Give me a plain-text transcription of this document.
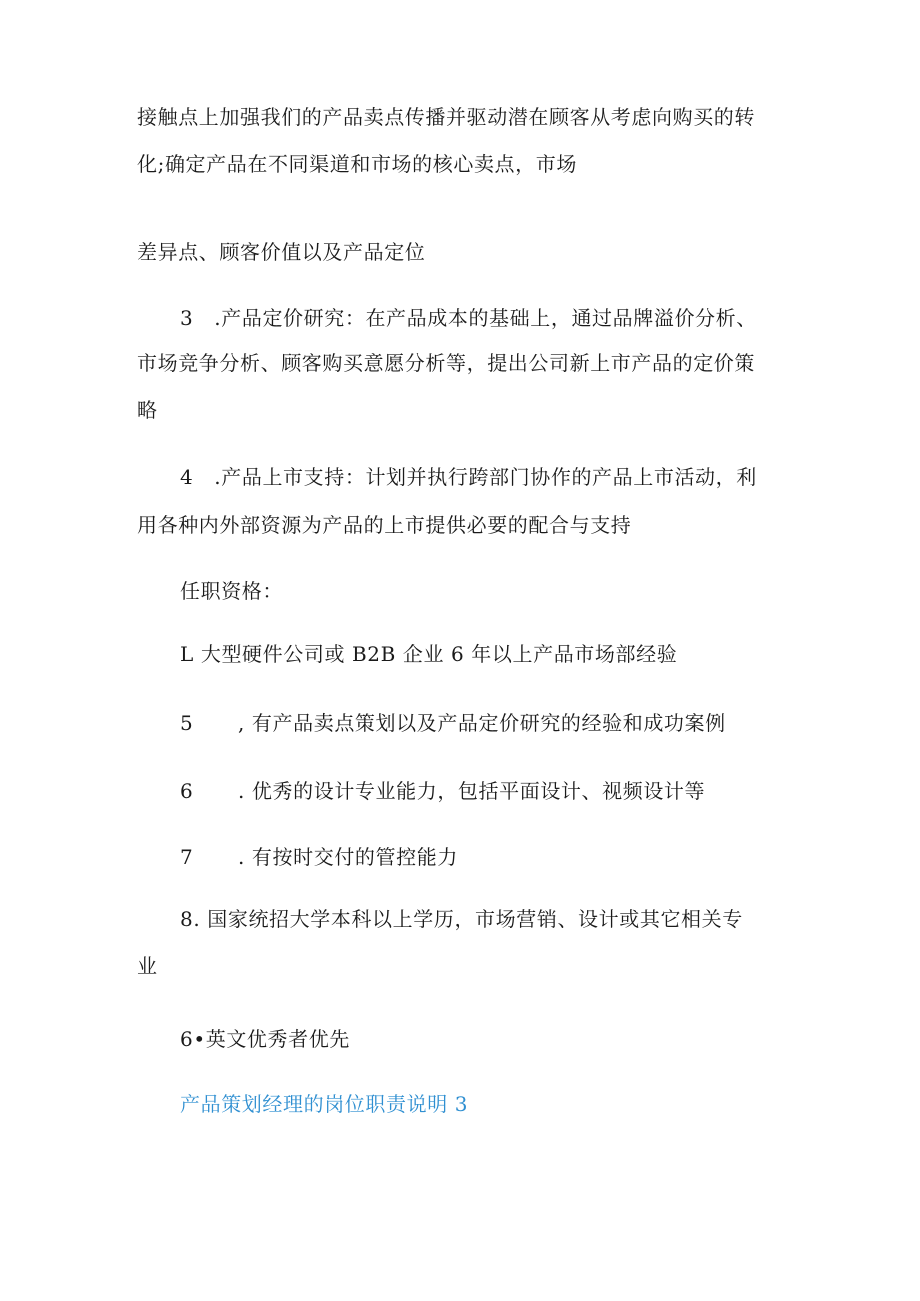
接触点上加强我们的产品卖点传播并驱动潜在顾客从考虑向购买的转
化;确定产品在不同渠道和市场的核心卖点，市场
差异点、顾客价值以及产品定位
3 .产品定价研究：在产品成本的基础上，通过品牌溢价分析、
市场竞争分析、顾客购买意愿分析等，提出公司新上市产品的定价策
略
4 .产品上市支持：计划并执行跨部门协作的产品上市活动，利
用各种内外部资源为产品的上市提供必要的配合与支持
任职资格：
L 大型硬件公司或 B2B 企业 6 年以上产品市场部经验
5 , 有产品卖点策划以及产品定价研究的经验和成功案例
6 . 优秀的设计专业能力，包括平面设计、视频设计等
7 . 有按时交付的管控能力
8. 国家统招大学本科以上学历，市场营销、设计或其它相关专
业
6•英文优秀者优先
产品策划经理的岗位职责说明 3
